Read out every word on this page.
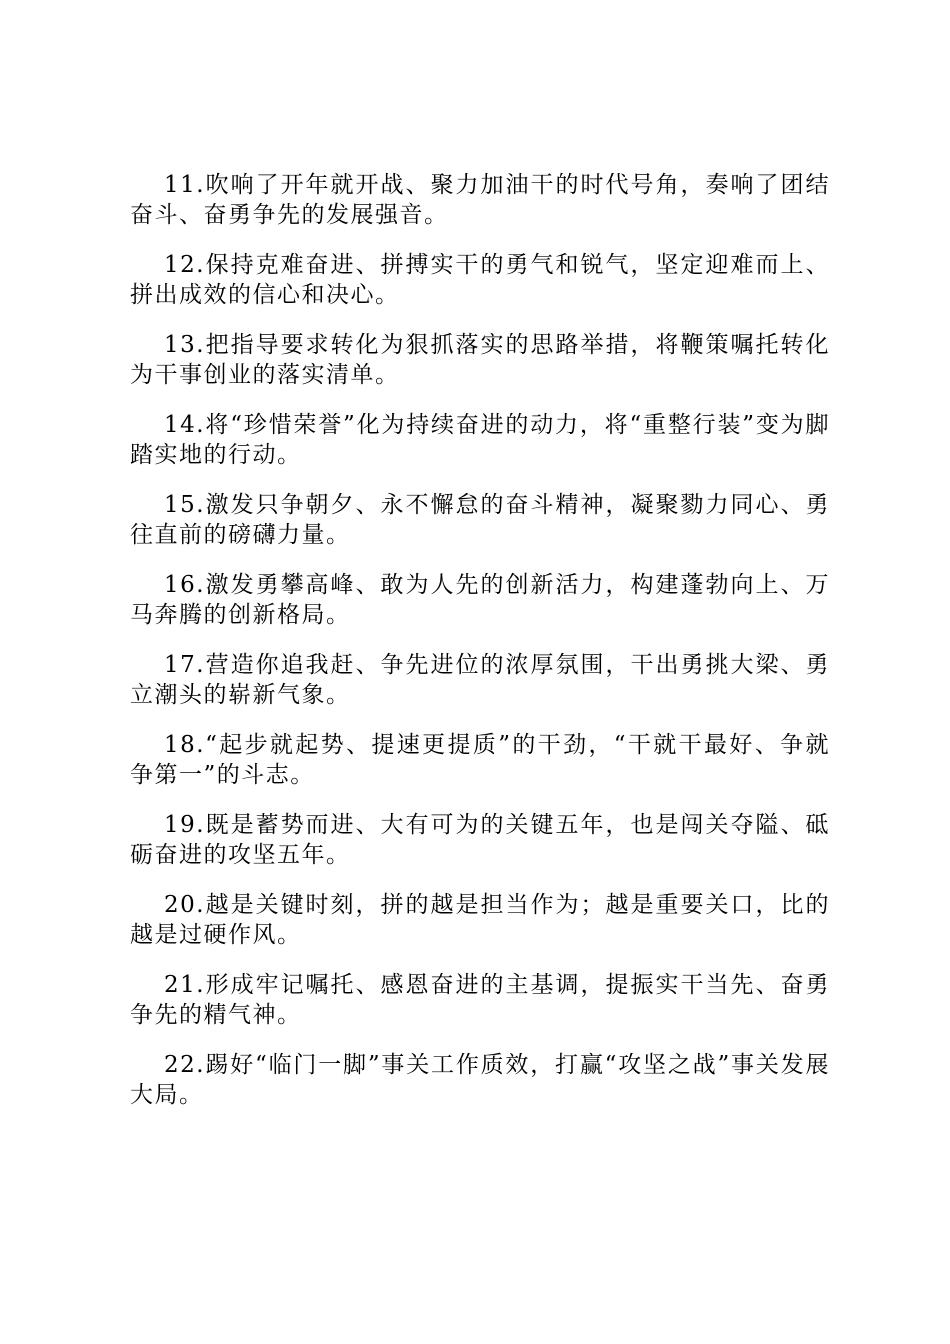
11.吹响了开年就开战、聚力加油干的时代号角，奏响了团结奋斗、奋勇争先的发展强音。

12.保持克难奋进、拼搏实干的勇气和锐气，坚定迎难而上、拼出成效的信心和决心。

13.把指导要求转化为狠抓落实的思路举措，将鞭策嘱托转化为干事创业的落实清单。

14.将“珍惜荣誉”化为持续奋进的动力，将“重整行装”变为脚踏实地的行动。

15.激发只争朝夕、永不懈怠的奋斗精神，凝聚勠力同心、勇往直前的磅礴力量。

16.激发勇攀高峰、敢为人先的创新活力，构建蓬勃向上、万马奔腾的创新格局。

17.营造你追我赶、争先进位的浓厚氛围，干出勇挑大梁、勇立潮头的崭新气象。

18.“起步就起势、提速更提质”的干劲，“干就干最好、争就争第一”的斗志。

19.既是蓄势而进、大有可为的关键五年，也是闯关夺隘、砥砺奋进的攻坚五年。

20.越是关键时刻，拼的越是担当作为；越是重要关口，比的越是过硬作风。

21.形成牢记嘱托、感恩奋进的主基调，提振实干当先、奋勇争先的精气神。

22.踢好“临门一脚”事关工作质效，打赢“攻坚之战”事关发展大局。
